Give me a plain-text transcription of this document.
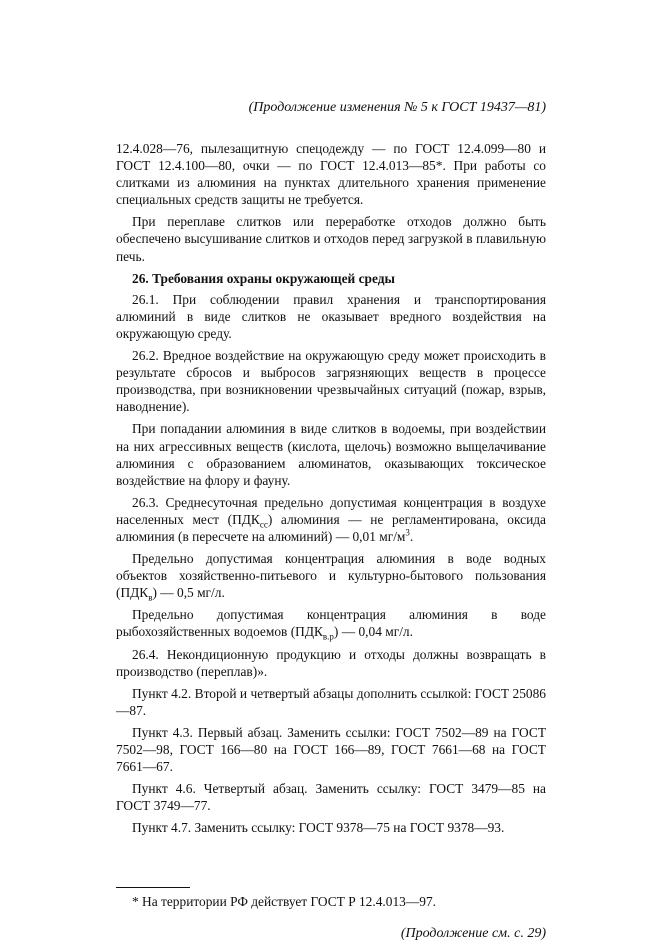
(Продолжение изменения № 5 к ГОСТ 19437—81)

12.4.028—76, пылезащитную спецодежду — по ГОСТ 12.4.099—80 и ГОСТ 12.4.100—80, очки — по ГОСТ 12.4.013—85*. При работы со слитками из алюминия на пунктах длительного хранения применение специальных средств защиты не требуется.

При переплаве слитков или переработке отходов должно быть обеспечено высушивание слитков и отходов перед загрузкой в плавильную печь.

26. Требования охраны окружающей среды

26.1. При соблюдении правил хранения и транспортирования алюминий в виде слитков не оказывает вредного воздействия на окружающую среду.

26.2. Вредное воздействие на окружающую среду может происходить в результате сбросов и выбросов загрязняющих веществ в процессе производства, при возникновении чрезвычайных ситуаций (пожар, взрыв, наводнение).

При попадании алюминия в виде слитков в водоемы, при воздействии на них агрессивных веществ (кислота, щелочь) возможно выщелачивание алюминия с образованием алюминатов, оказывающих токсическое воздействие на флору и фауну.

26.3. Среднесуточная предельно допустимая концентрация в воздухе населенных мест $(ПДК_{сс})$ алюминия — не регламентирована, оксида алюминия (в пересчете на алюминий) — 0,01 $мг/м^3$.

Предельно допустимая концентрация алюминия в воде водных объектов хозяйственно-питьевого и культурно-бытового пользования $(ПДК_в)$ — 0,5 мг/л.

Предельно допустимая концентрация алюминия в воде рыбохозяйственных водоемов $(ПДК_{в.р})$ — 0,04 мг/л.

26.4. Некондиционную продукцию и отходы должны возвращать в производство (переплав)».

Пункт 4.2. Второй и четвертый абзацы дополнить ссылкой: ГОСТ 25086—87.

Пункт 4.3. Первый абзац. Заменить ссылки: ГОСТ 7502—89 на ГОСТ 7502—98, ГОСТ 166—80 на ГОСТ 166—89, ГОСТ 7661—68 на ГОСТ 7661—67.

Пункт 4.6. Четвертый абзац. Заменить ссылку: ГОСТ 3479—85 на ГОСТ 3749—77.

Пункт 4.7. Заменить ссылку: ГОСТ 9378—75 на ГОСТ 9378—93.

* На территории РФ действует ГОСТ Р 12.4.013—97.
(Продолжение см. с. 29)
